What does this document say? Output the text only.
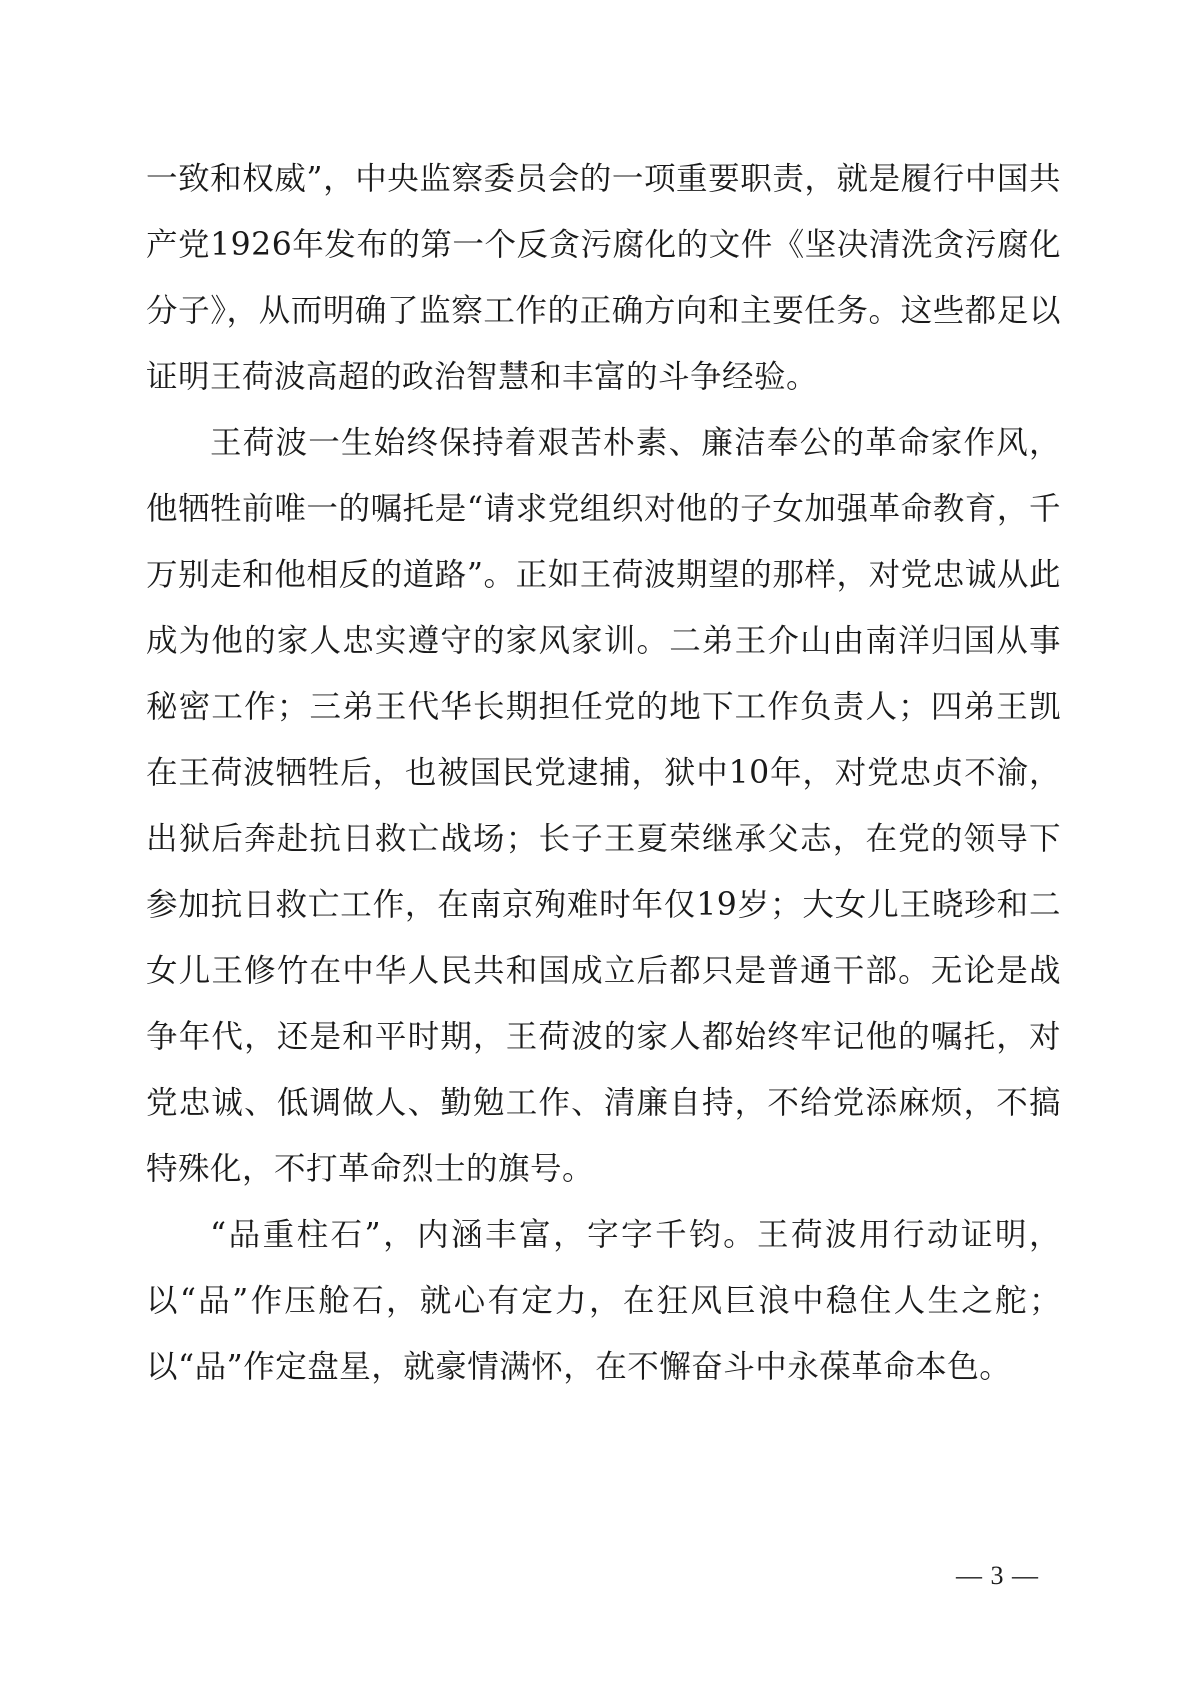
一致和权威”，中央监察委员会的一项重要职责，就是履行中国共产党1926年发布的第一个反贪污腐化的文件《坚决清洗贪污腐化分子》，从而明确了监察工作的正确方向和主要任务。这些都足以证明王荷波高超的政治智慧和丰富的斗争经验。

王荷波一生始终保持着艰苦朴素、廉洁奉公的革命家作风，他牺牲前唯一的嘱托是“请求党组织对他的子女加强革命教育，千万别走和他相反的道路”。正如王荷波期望的那样，对党忠诚从此成为他的家人忠实遵守的家风家训。二弟王介山由南洋归国从事秘密工作；三弟王代华长期担任党的地下工作负责人；四弟王凯在王荷波牺牲后，也被国民党逮捕，狱中10年，对党忠贞不渝，出狱后奔赴抗日救亡战场；长子王夏荣继承父志，在党的领导下参加抗日救亡工作，在南京殉难时年仅19岁；大女儿王晓珍和二女儿王修竹在中华人民共和国成立后都只是普通干部。无论是战争年代，还是和平时期，王荷波的家人都始终牢记他的嘱托，对党忠诚、低调做人、勤勉工作、清廉自持，不给党添麻烦，不搞特殊化，不打革命烈士的旗号。

“品重柱石”，内涵丰富，字字千钧。王荷波用行动证明，以“品”作压舱石，就心有定力，在狂风巨浪中稳住人生之舵；以“品”作定盘星，就豪情满怀，在不懈奋斗中永葆革命本色。

— 3 —
